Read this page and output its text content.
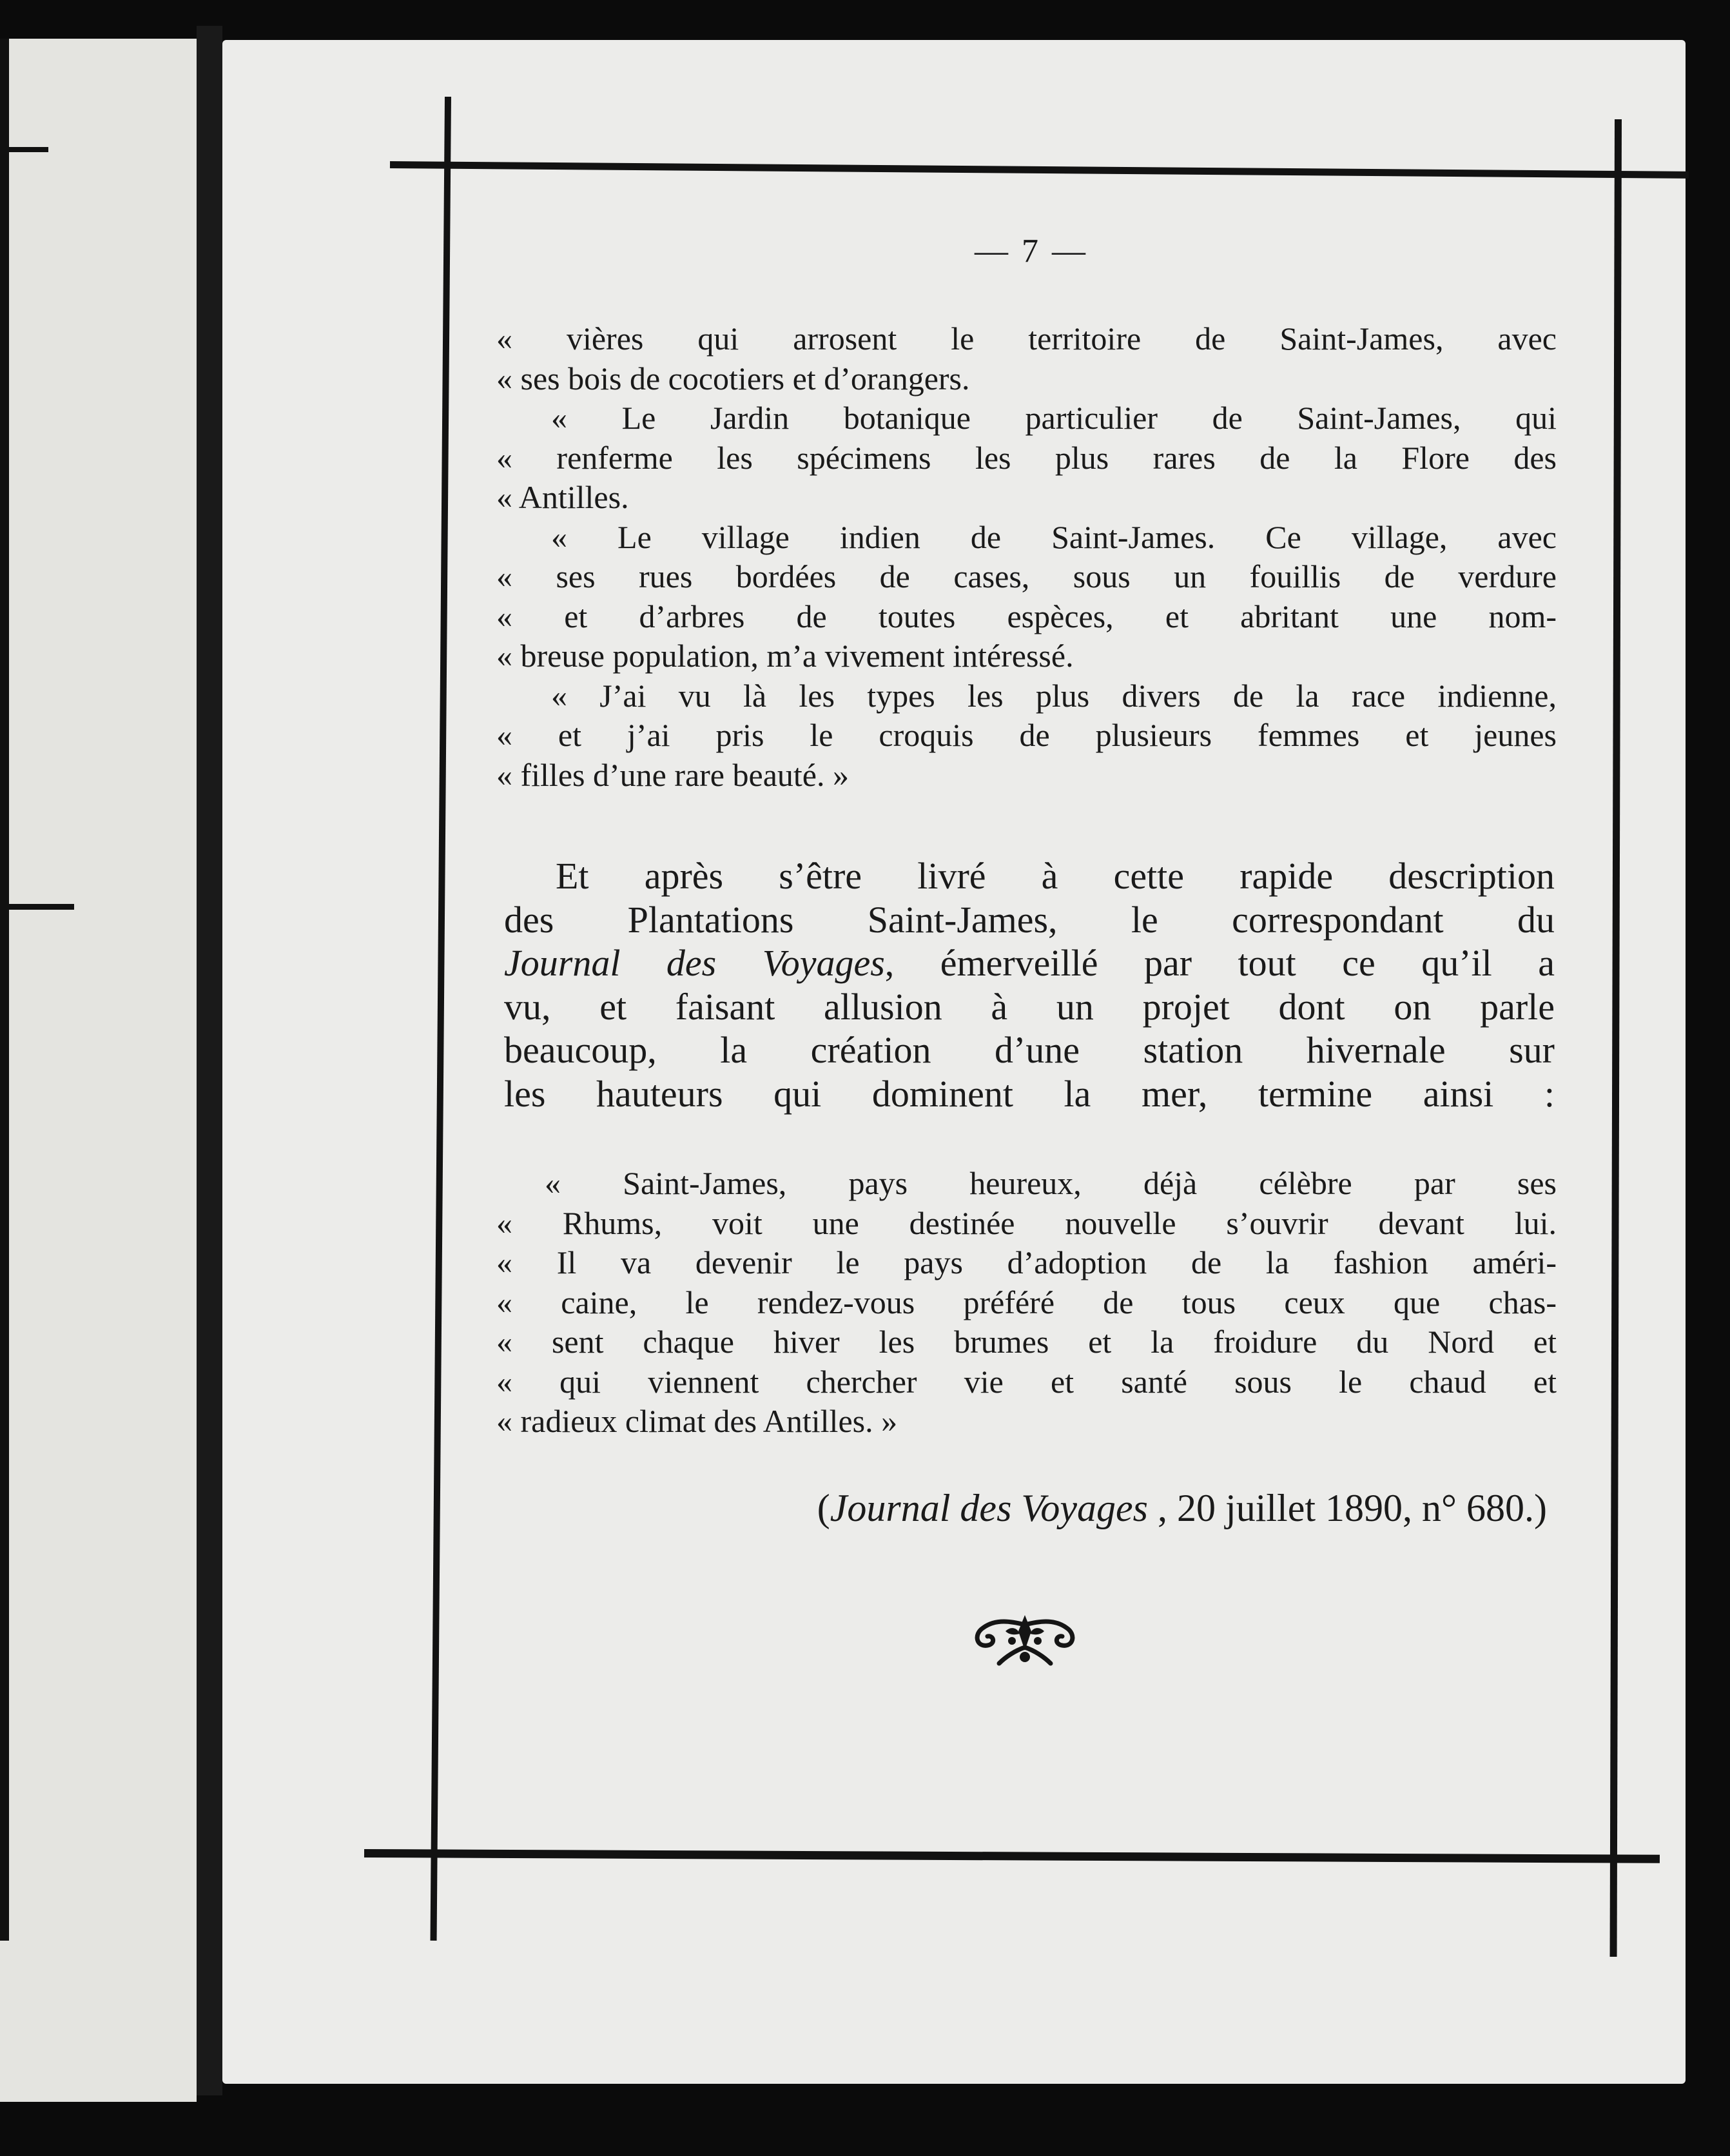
— 7 —
« vières qui arrosent le territoire de Saint-James, avec
« ses bois de cocotiers et d’orangers.
« Le Jardin botanique particulier de Saint-James, qui
« renferme les spécimens les plus rares de la Flore des
« Antilles.
« Le village indien de Saint-James. Ce village, avec
« ses rues bordées de cases, sous un fouillis de verdure
« et d’arbres de toutes espèces, et abritant une nom-
« breuse population, m’a vivement intéressé.
« J’ai vu là les types les plus divers de la race indienne,
« et j’ai pris le croquis de plusieurs femmes et jeunes
« filles d’une rare beauté. »
Et après s’être livré à cette rapide description
des Plantations Saint-James, le correspondant du
Journal des Voyages, émerveillé par tout ce qu’il a
vu, et faisant allusion à un projet dont on parle
beaucoup, la création d’une station hivernale sur
les hauteurs qui dominent la mer, termine ainsi :
« Saint-James, pays heureux, déjà célèbre par ses
« Rhums, voit une destinée nouvelle s’ouvrir devant lui.
« Il va devenir le pays d’adoption de la fashion améri-
« caine, le rendez-vous préféré de tous ceux que chas-
« sent chaque hiver les brumes et la froidure du Nord et
« qui viennent chercher vie et santé sous le chaud et
« radieux climat des Antilles. »
(Journal des Voyages , 20 juillet 1890, n° 680.)
